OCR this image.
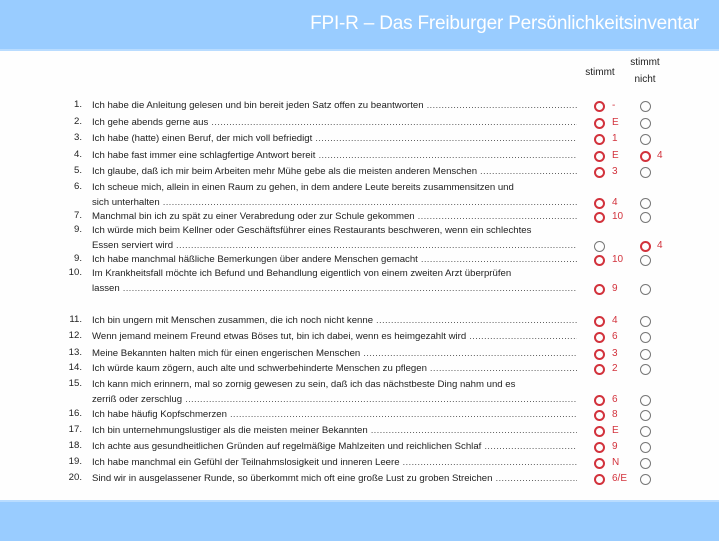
FPI-R – Das Freiburger Persönlichkeitsinventar
stimmt
stimmt
nicht
1. Ich habe die Anleitung gelesen und bin bereit jeden Satz offen zu beantworten
.....
2. Ich gehe abends gerne aus
.....
3. Ich habe (hatte) einen Beruf, der mich voll befriedigt
.....
4. Ich habe fast immer eine schlagfertige Antwort bereit
.....
5. Ich glaube, daß ich mir beim Arbeiten mehr Mühe gebe als die meisten anderen Menschen
.....
6. Ich scheue mich, allein in einen Raum zu gehen, in dem andere Leute bereits zusammensitzen und
sich unterhalten
.....
7. Manchmal bin ich zu spät zu einer Verabredung oder zur Schule gekommen
.....
9. Ich würde mich beim Kellner oder Geschäftsführer eines Restaurants beschweren, wenn ein schlechtes
Essen serviert wird
.....
9. Ich habe manchmal häßliche Bemerkungen über andere Menschen gemacht
.....
10. Im Krankheitsfall möchte ich Befund und Behandlung eigentlich von einem zweiten Arzt überprüfen
lassen
.....
11. Ich bin ungern mit Menschen zusammen, die ich noch nicht kenne
.....
12. Wenn jemand meinem Freund etwas Böses tut, bin ich dabei, wenn es heimgezahlt wird
.....
13. Meine Bekannten halten mich für einen engerischen Menschen
.....
14. Ich würde kaum zögern, auch alte und schwerbehinderte Menschen zu pflegen
.....
15. Ich kann mich erinnern, mal so zornig gewesen zu sein, daß ich das nächstbeste Ding nahm und es
zerriß oder zerschlug
.....
16. Ich habe häufig Kopfschmerzen
.....
17. Ich bin unternehmungslustiger als die meisten meiner Bekannten
.....
18. Ich achte aus gesundheitlichen Gründen auf regelmäßige Mahlzeiten und reichlichen Schlaf
.....
19. Ich habe manchmal ein Gefühl der Teilnahmslosigkeit und inneren Leere
.....
20. Sind wir in ausgelassener Runde, so überkommt mich oft eine große Lust zu groben Streichen
.....
-
E
1
E	4
3
4
10
4
10
9
4
6
3
2
6
8
E
9
N
6/E
